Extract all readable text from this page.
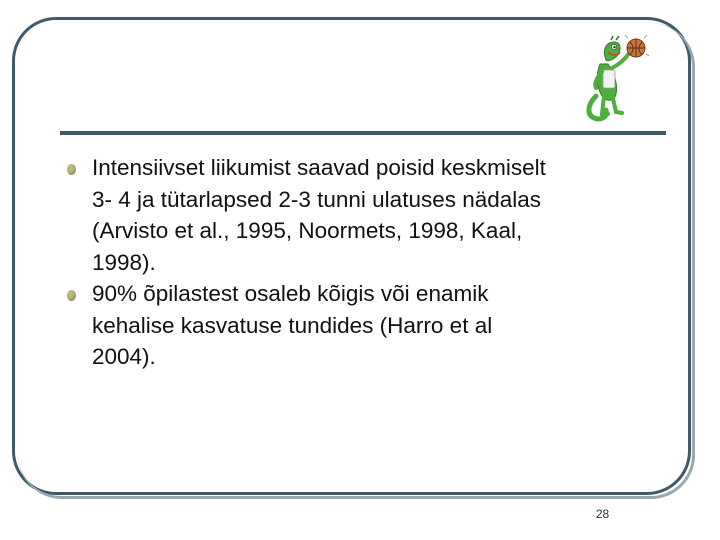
Intensiivset liikumist saavad poisid keskmiselt
3- 4 ja tütarlapsed 2-3 tunni ulatuses nädalas
(Arvisto et al., 1995, Noormets, 1998, Kaal,
1998).
90% õpilastest osaleb kõigis või enamik
kehalise kasvatuse tundides (Harro et al
2004).
28
